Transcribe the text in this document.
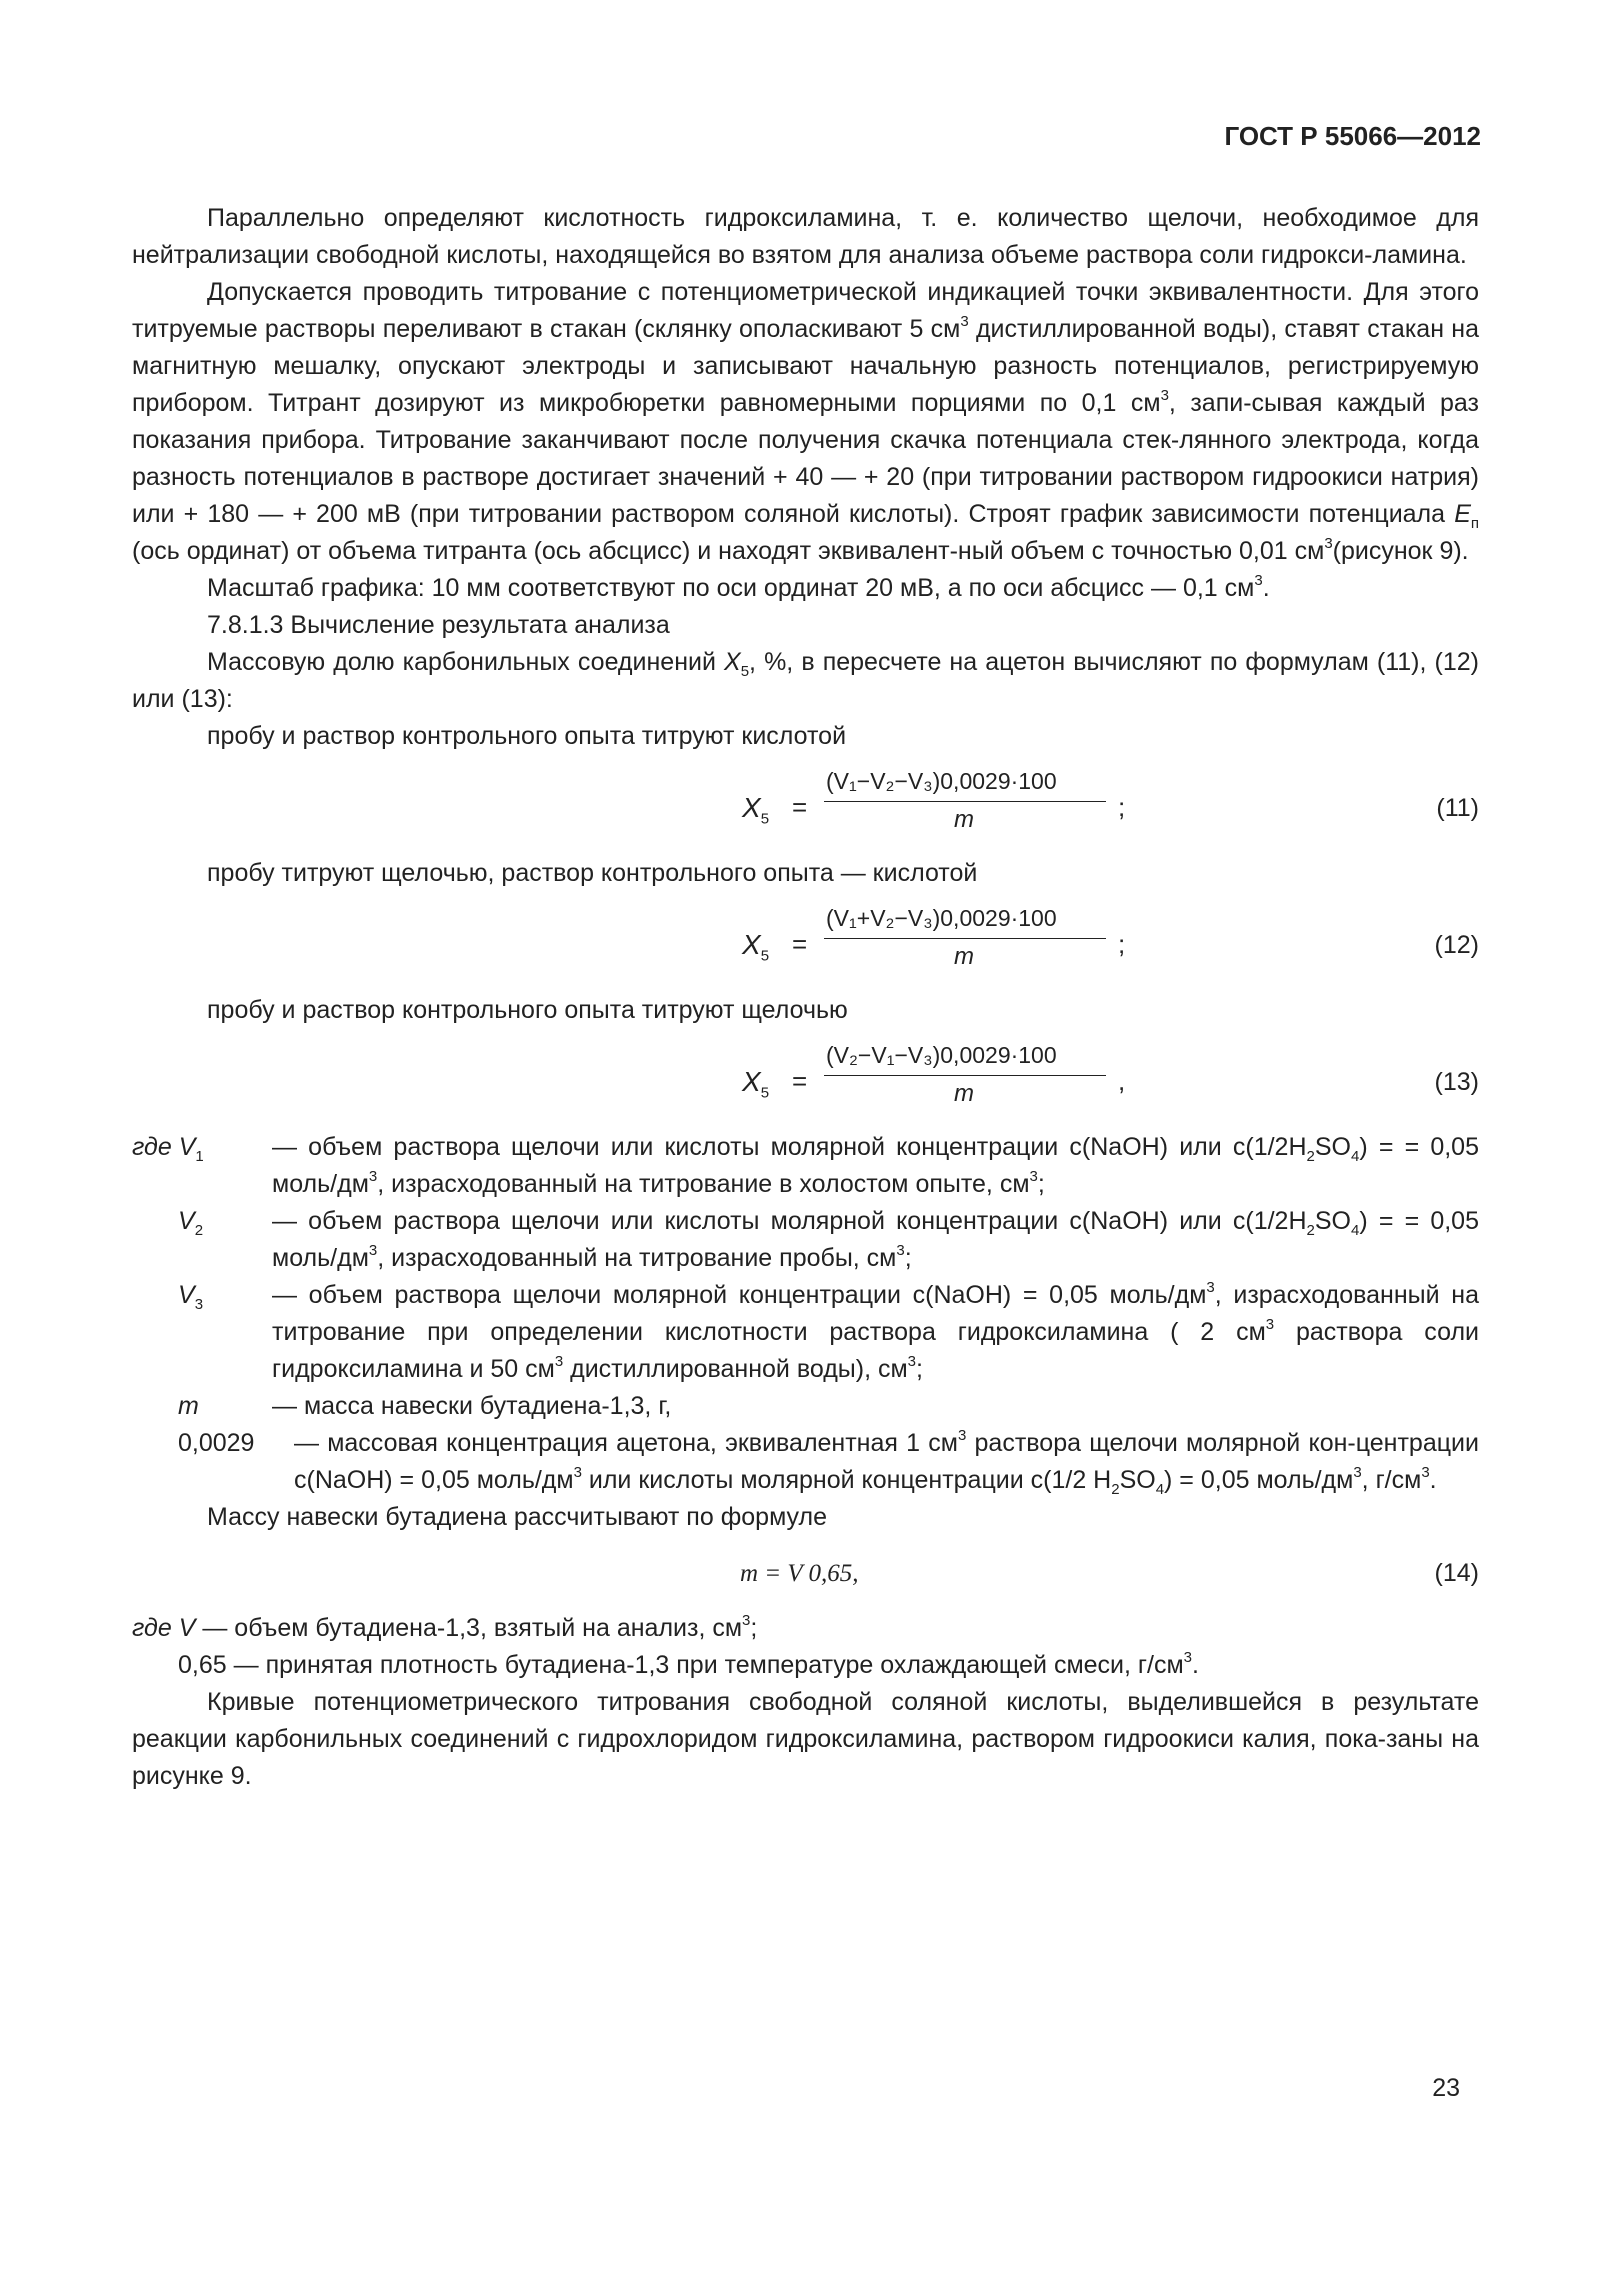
ГОСТ Р 55066—2012

Параллельно определяют кислотность гидроксиламина, т. е. количество щелочи, необходимое для нейтрализации свободной кислоты, находящейся во взятом для анализа объеме раствора соли гидрокси-ламина.

Допускается проводить титрование с потенциометрической индикацией точки эквивалентности. Для этого титруемые растворы переливают в стакан (склянку ополаскивают 5 $см^3$ дистиллированной воды), ставят стакан на магнитную мешалку, опускают электроды и записывают начальную разность потенциалов, регистрируемую прибором. Титрант дозируют из микробюретки равномерными порциями по 0,1 $см^3$, запи-сывая каждый раз показания прибора. Титрование заканчивают после получения скачка потенциала стек-лянного электрода, когда разность потенциалов в растворе достигает значений + 40 — + 20 (при титровании раствором гидроокиси натрия) или + 180 — + 200 мВ (при титровании раствором соляной кислоты). Строят график зависимости потенциала $E_п$ (ось ординат) от объема титранта (ось абсцисс) и находят эквивалент-ный объем с точностью 0,01 $см^3(рисунок$ 9).

Масштаб графика: 10 мм соответствуют по оси ординат 20 мВ, а по оси абсцисс — 0,1 $см^3$.

7.8.1.3 Вычисление результата анализа

Массовую долю карбонильных соединений $X_5$, %, в пересчете на ацетон вычисляют по формулам (11), (12) или (13):

пробу и раствор контрольного опыта титруют кислотой

$X_5$ =
(V₁−V₂−V₃)0,0029·100
m	;	(11)

пробу титруют щелочью, раствор контрольного опыта — кислотой

$X_5$ =
(V₁+V₂−V₃)0,0029·100
m	;	(12)

пробу и раствор контрольного опыта титруют щелочью

$X_5$ =
(V₂−V₁−V₃)0,0029·100
m	,	(13)

где $V_1$	— объем раствора щелочи или кислоты молярной концентрации c(NaOH) или $c(1/2H_2SO_4)$ = = 0,05 моль/$дм^3$, израсходованный на титрование в холостом опыте, $см^3$;

$V_2$	— объем раствора щелочи или кислоты молярной концентрации c(NaOH) или $c(1/2H_2SO_4)$ = = 0,05 моль/$дм^3$, израсходованный на титрование пробы, $см^3$;

$V_3$	— объем раствора щелочи молярной концентрации c(NaOH) = 0,05 моль/$дм^3$, израсходованный на титрование при определении кислотности раствора гидроксиламина ( 2 $см^3$ раствора соли гидроксиламина и 50 $см^3$ дистиллированной воды), $см^3$;

m	— масса навески бутадиена-1,3, г,

0,0029	— массовая концентрация ацетона, эквивалентная 1 $см^3$ раствора щелочи молярной кон-центрации c(NaOH) = 0,05 моль/$дм^3$ или кислоты молярной концентрации c(1/2 $H_2SO_4) = 0,05$ моль/$дм^3$, $г/см^3$.

Массу навески бутадиена рассчитывают по формуле

m = V 0,65,	(14)

где V — объем бутадиена-1,3, взятый на анализ, $см^3$;

0,65 — принятая плотность бутадиена-1,3 при температуре охлаждающей смеси, $г/см^3$.

Кривые потенциометрического титрования свободной соляной кислоты, выделившейся в результате реакции карбонильных соединений с гидрохлоридом гидроксиламина, раствором гидроокиси калия, пока-заны на рисунке 9.

23
